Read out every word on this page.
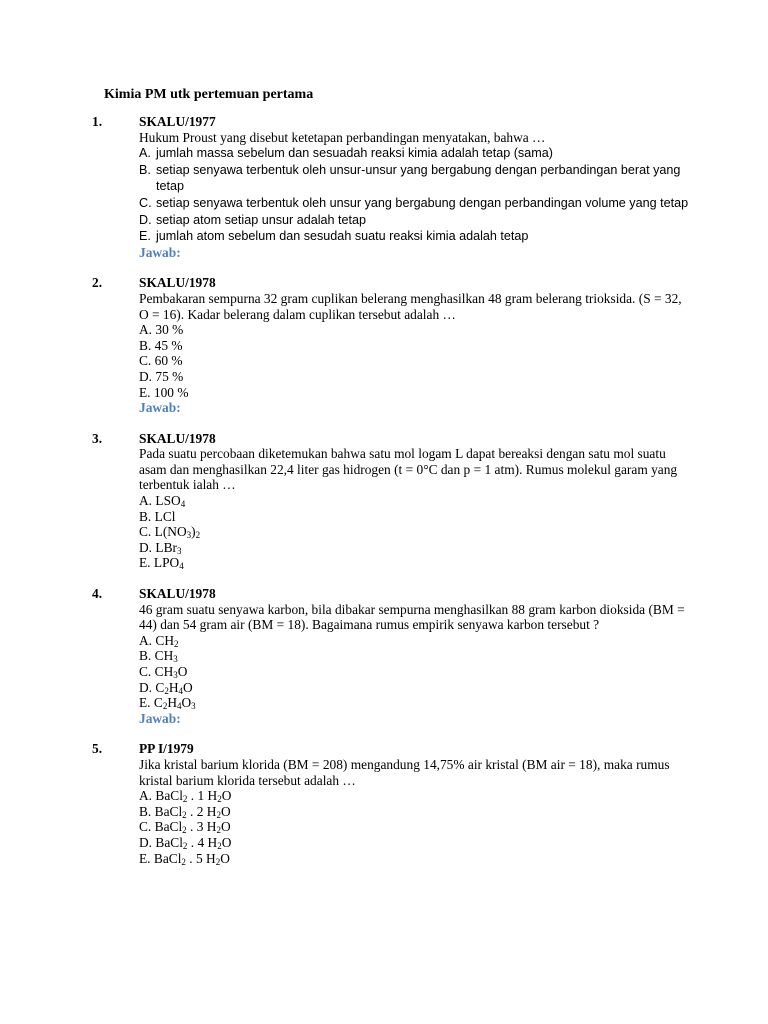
Kimia PM utk pertemuan pertama
1.	SKALU/1977
Hukum Proust yang disebut ketetapan perbandingan menyatakan, bahwa …
A. jumlah massa sebelum dan sesuadah reaksi kimia adalah tetap (sama)
B. setiap senyawa terbentuk oleh unsur-unsur yang bergabung dengan perbandingan berat yang tetap
C. setiap senyawa terbentuk oleh unsur yang bergabung dengan perbandingan volume yang tetap
D. setiap atom setiap unsur adalah tetap
E. jumlah atom sebelum dan sesudah suatu reaksi kimia adalah tetap
Jawab:
2.	SKALU/1978
Pembakaran sempurna 32 gram cuplikan belerang menghasilkan 48 gram belerang trioksida. (S = 32, O = 16). Kadar belerang dalam cuplikan tersebut adalah …
A. 30 %
B. 45 %
C. 60 %
D. 75 %
E. 100 %
Jawab:
3.	SKALU/1978
Pada suatu percobaan diketemukan bahwa satu mol logam L dapat bereaksi dengan satu mol suatu asam dan menghasilkan 22,4 liter gas hidrogen (t = 0°C dan p = 1 atm). Rumus molekul garam yang terbentuk ialah …
A. $LSO_4$
B. LCl
C. $L(NO_3)_2$
D. LBr$_3$
E. $LPO_4$
4.	SKALU/1978
46 gram suatu senyawa karbon, bila dibakar sempurna menghasilkan 88 gram karbon dioksida (BM = 44) dan 54 gram air (BM = 18). Bagaimana rumus empirik senyawa karbon tersebut ?
A. $CH_2$
B. $CH_3$
C. $CH_3O$
D. $C_2H_4O$
E. $C_2H_4O_3$
Jawab:
5.	PP I/1979
Jika kristal barium klorida (BM = 208) mengandung 14,75% air kristal (BM air = 18), maka rumus kristal barium klorida tersebut adalah …
A. BaCl$_2$ . 1 $H_2O$
B. BaCl$_2$ . 2 $H_2O$
C. BaCl$_2$ . 3 $H_2O$
D. BaCl$_2$ . 4 $H_2O$
E. BaCl$_2$ . 5 $H_2O$
